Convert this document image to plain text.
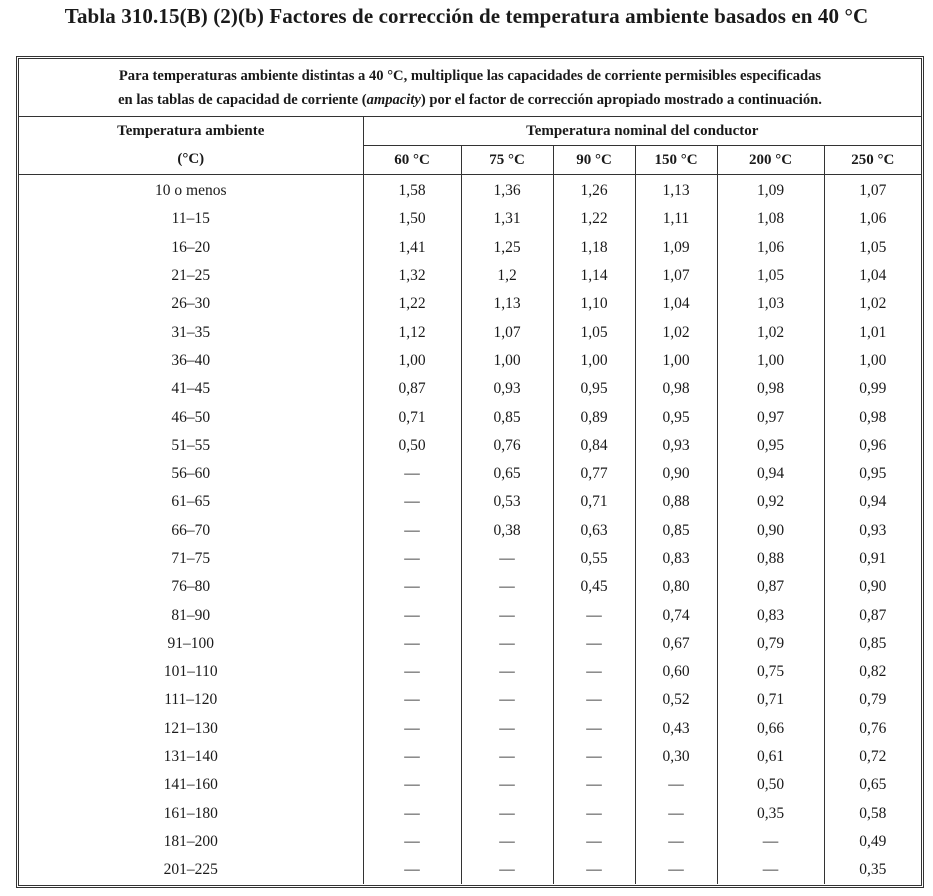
Tabla 310.15(B) (2)(b) Factores de corrección de temperatura ambiente basados en 40 °C
Para temperaturas ambiente distintas a 40 °C, multiplique las capacidades de corriente permisibles especificadas
en las tablas de capacidad de corriente (ampacity) por el factor de corrección apropiado mostrado a continuación.						

Temperatura ambiente	Temperatura nominal del conductor					
(°C)	60 °C	75 °C	90 °C	150 °C	200 °C	250 °C
10 o menos	1,58	1,36	1,26	1,13	1,09	1,07
11–15	1,50	1,31	1,22	1,11	1,08	1,06
16–20	1,41	1,25	1,18	1,09	1,06	1,05
21–25	1,32	1,2	1,14	1,07	1,05	1,04
26–30	1,22	1,13	1,10	1,04	1,03	1,02
31–35	1,12	1,07	1,05	1,02	1,02	1,01
36–40	1,00	1,00	1,00	1,00	1,00	1,00
41–45	0,87	0,93	0,95	0,98	0,98	0,99
46–50	0,71	0,85	0,89	0,95	0,97	0,98
51–55	0,50	0,76	0,84	0,93	0,95	0,96
56–60	—	0,65	0,77	0,90	0,94	0,95
61–65	—	0,53	0,71	0,88	0,92	0,94
66–70	—	0,38	0,63	0,85	0,90	0,93
71–75	—	—	0,55	0,83	0,88	0,91
76–80	—	—	0,45	0,80	0,87	0,90
81–90	—	—	—	0,74	0,83	0,87
91–100	—	—	—	0,67	0,79	0,85
101–110	—	—	—	0,60	0,75	0,82
111–120	—	—	—	0,52	0,71	0,79
121–130	—	—	—	0,43	0,66	0,76
131–140	—	—	—	0,30	0,61	0,72
141–160	—	—	—	—	0,50	0,65
161–180	—	—	—	—	0,35	0,58
181–200	—	—	—	—	—	0,49
201–225	—	—	—	—	—	0,35
